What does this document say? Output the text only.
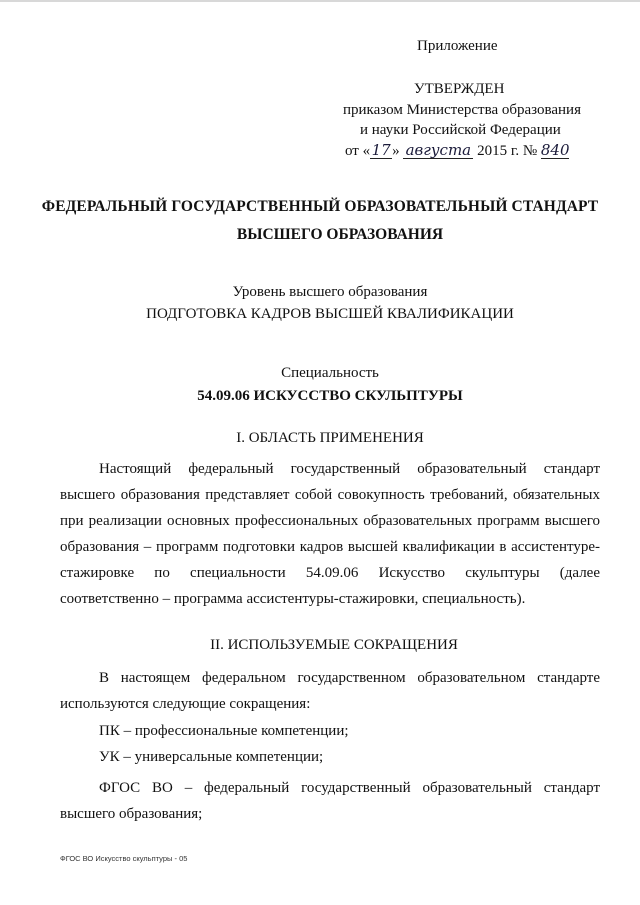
Приложение
УТВЕРЖДЕН
приказом Министерства образования
и науки Российской Федерации
от «17» августа 2015 г. № 840
ФЕДЕРАЛЬНЫЙ ГОСУДАРСТВЕННЫЙ ОБРАЗОВАТЕЛЬНЫЙ СТАНДАРТ
ВЫСШЕГО ОБРАЗОВАНИЯ
Уровень высшего образования
ПОДГОТОВКА КАДРОВ ВЫСШЕЙ КВАЛИФИКАЦИИ
Специальность
54.09.06 ИСКУССТВО СКУЛЬПТУРЫ
I. ОБЛАСТЬ ПРИМЕНЕНИЯ
Настоящий федеральный государственный образовательный стандарт высшего образования представляет собой совокупность требований, обязательных при реализации основных профессиональных образовательных программ высшего образования – программ подготовки кадров высшей квалификации в ассистентуре-стажировке по специальности 54.09.06 Искусство скульптуры (далее соответственно – программа ассистентуры-стажировки, специальность).
II. ИСПОЛЬЗУЕМЫЕ СОКРАЩЕНИЯ
В настоящем федеральном государственном образовательном стандарте используются следующие сокращения:
ПК – профессиональные компетенции;
УК – универсальные компетенции;
ФГОС ВО – федеральный государственный образовательный стандарт высшего образования;
ФГОС ВО Искусство скульптуры - 05
